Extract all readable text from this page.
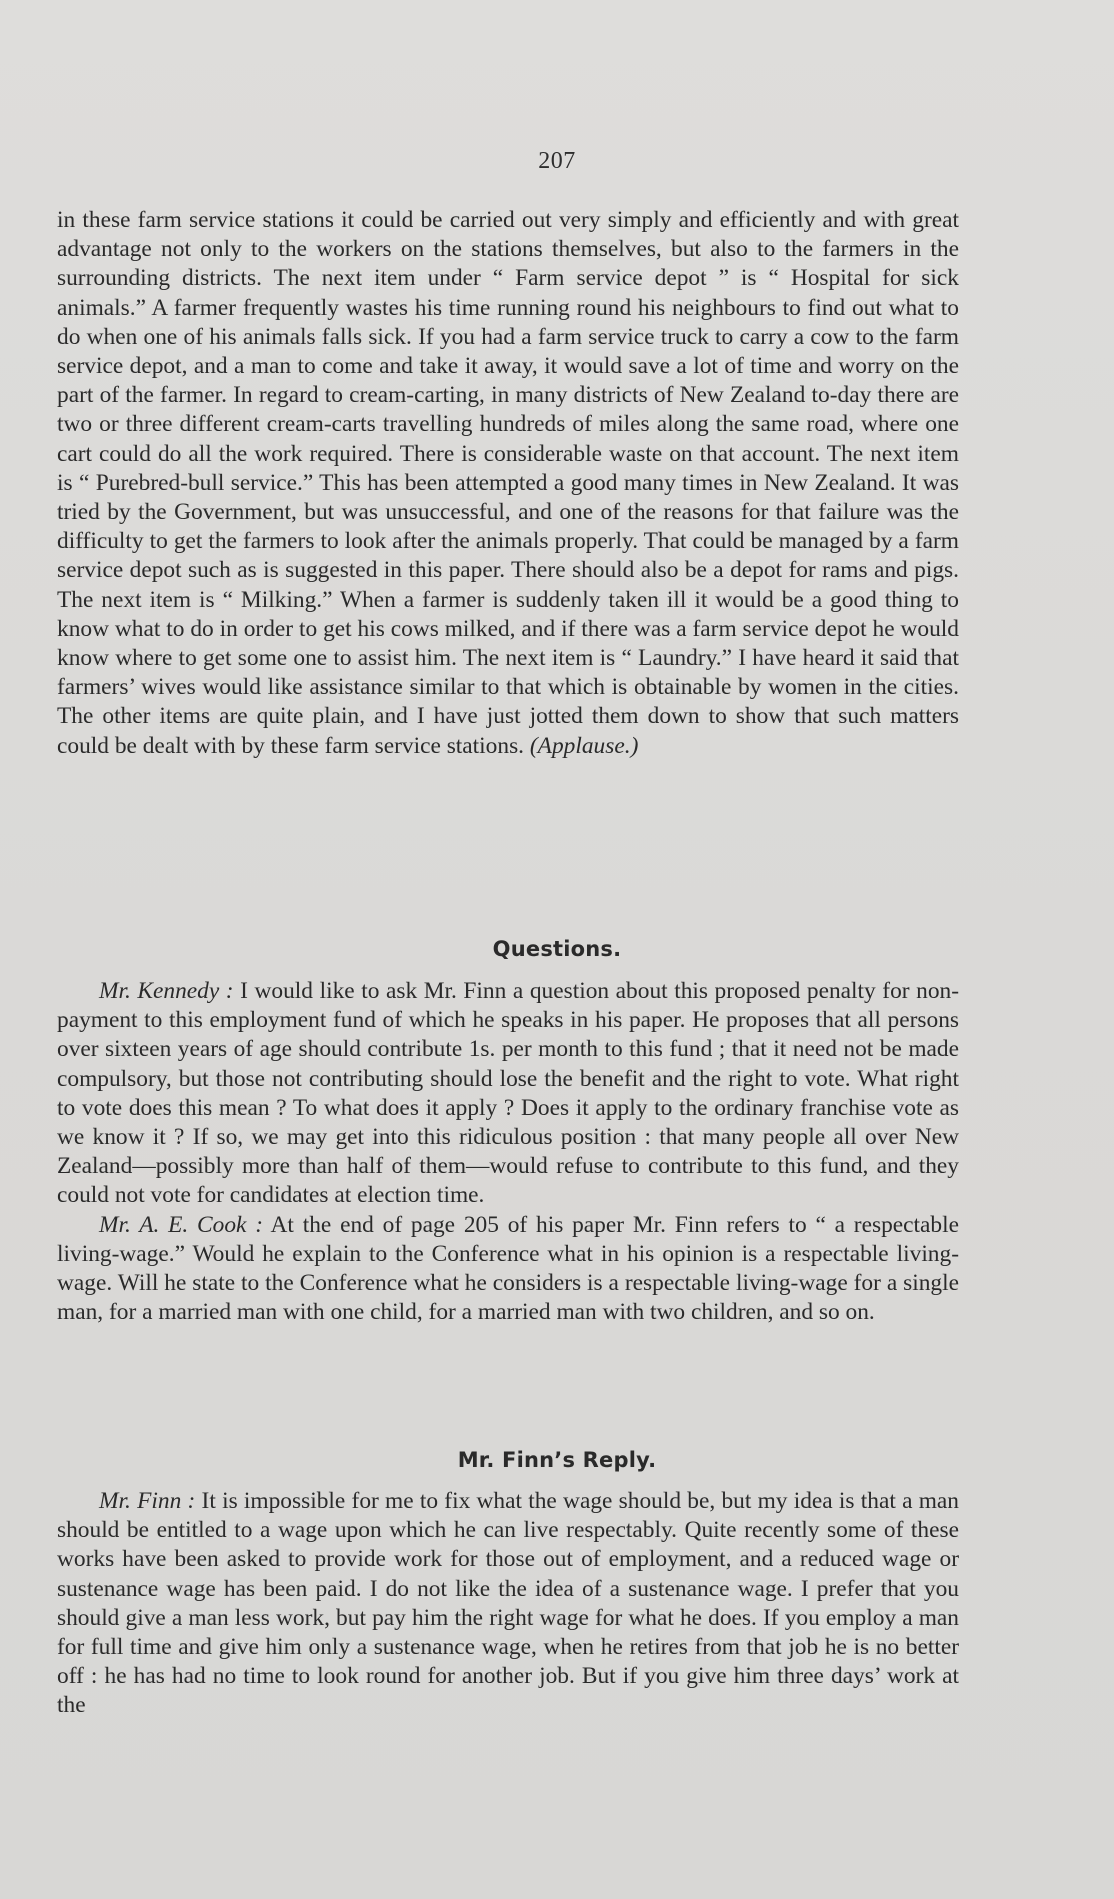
207

in these farm service stations it could be carried out very simply and efficiently and with great advantage not only to the workers on the stations themselves, but also to the farmers in the surrounding districts. The next item under “ Farm service depot ” is “ Hospital for sick animals.” A farmer frequently wastes his time running round his neighbours to find out what to do when one of his animals falls sick. If you had a farm service truck to carry a cow to the farm service depot, and a man to come and take it away, it would save a lot of time and worry on the part of the farmer. In regard to cream-carting, in many districts of New Zealand to-day there are two or three different cream-carts travelling hundreds of miles along the same road, where one cart could do all the work required. There is considerable waste on that account. The next item is “ Purebred-bull service.” This has been attempted a good many times in New Zealand. It was tried by the Government, but was unsuccessful, and one of the reasons for that failure was the difficulty to get the farmers to look after the animals properly. That could be managed by a farm service depot such as is suggested in this paper. There should also be a depot for rams and pigs. The next item is “ Milking.” When a farmer is suddenly taken ill it would be a good thing to know what to do in order to get his cows milked, and if there was a farm service depot he would know where to get some one to assist him. The next item is “ Laundry.” I have heard it said that farmers’ wives would like assistance similar to that which is obtainable by women in the cities. The other items are quite plain, and I have just jotted them down to show that such matters could be dealt with by these farm service stations. (Applause.)

Questions.

Mr. Kennedy : I would like to ask Mr. Finn a question about this proposed penalty for non-payment to this employment fund of which he speaks in his paper. He proposes that all persons over sixteen years of age should contribute 1s. per month to this fund ; that it need not be made compulsory, but those not contributing should lose the benefit and the right to vote. What right to vote does this mean ? To what does it apply ? Does it apply to the ordinary franchise vote as we know it ? If so, we may get into this ridiculous position : that many people all over New Zealand—possibly more than half of them—would refuse to contribute to this fund, and they could not vote for candidates at election time.

Mr. A. E. Cook : At the end of page 205 of his paper Mr. Finn refers to “ a respectable living-wage.” Would he explain to the Conference what in his opinion is a respectable living-wage. Will he state to the Conference what he considers is a respectable living-wage for a single man, for a married man with one child, for a married man with two children, and so on.

Mr. Finn’s Reply.

Mr. Finn : It is impossible for me to fix what the wage should be, but my idea is that a man should be entitled to a wage upon which he can live respectably. Quite recently some of these works have been asked to provide work for those out of employment, and a reduced wage or sustenance wage has been paid. I do not like the idea of a sustenance wage. I prefer that you should give a man less work, but pay him the right wage for what he does. If you employ a man for full time and give him only a sustenance wage, when he retires from that job he is no better off : he has had no time to look round for another job. But if you give him three days’ work at the
